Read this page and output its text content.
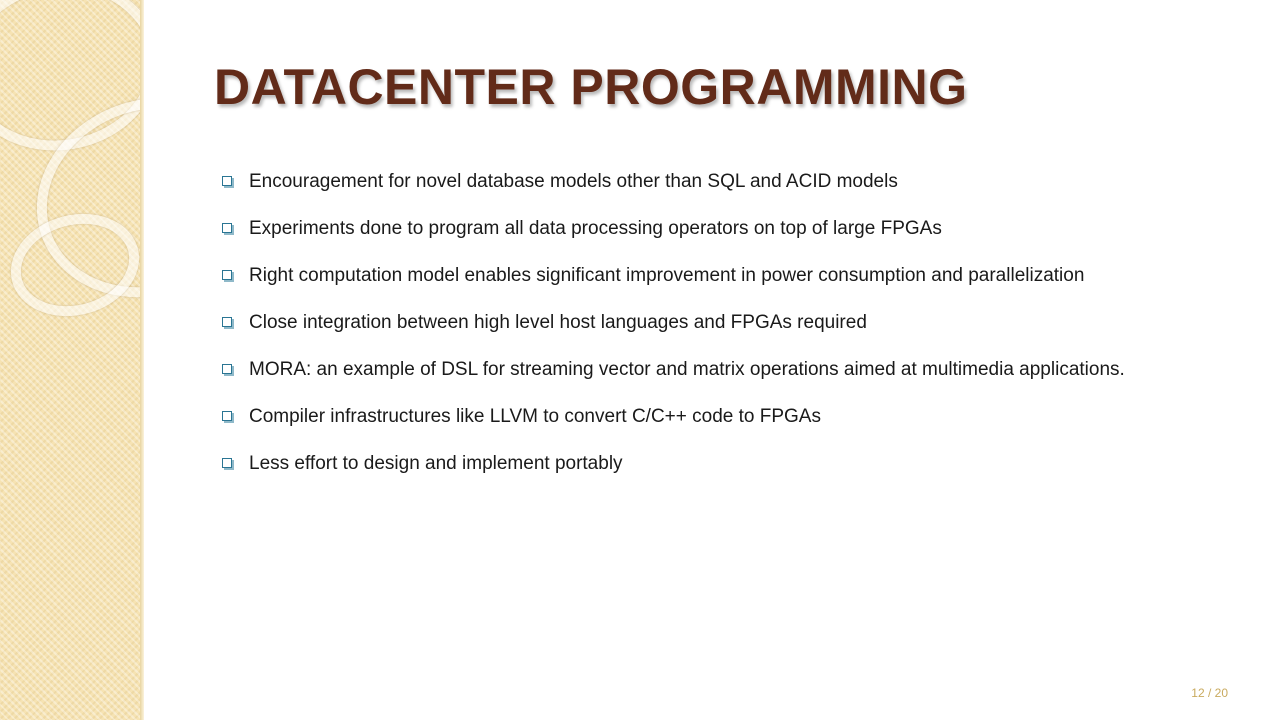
DATACENTER PROGRAMMING
Encouragement for novel database models other than SQL and ACID models
Experiments done to program all data processing operators on top of large FPGAs
Right computation model enables significant improvement in power consumption and parallelization
Close integration between high level host languages and FPGAs required
MORA: an example of DSL for streaming vector and matrix operations aimed at multimedia applications.
Compiler infrastructures like LLVM to convert C/C++ code to FPGAs
Less effort to design and implement portably
12 / 20
